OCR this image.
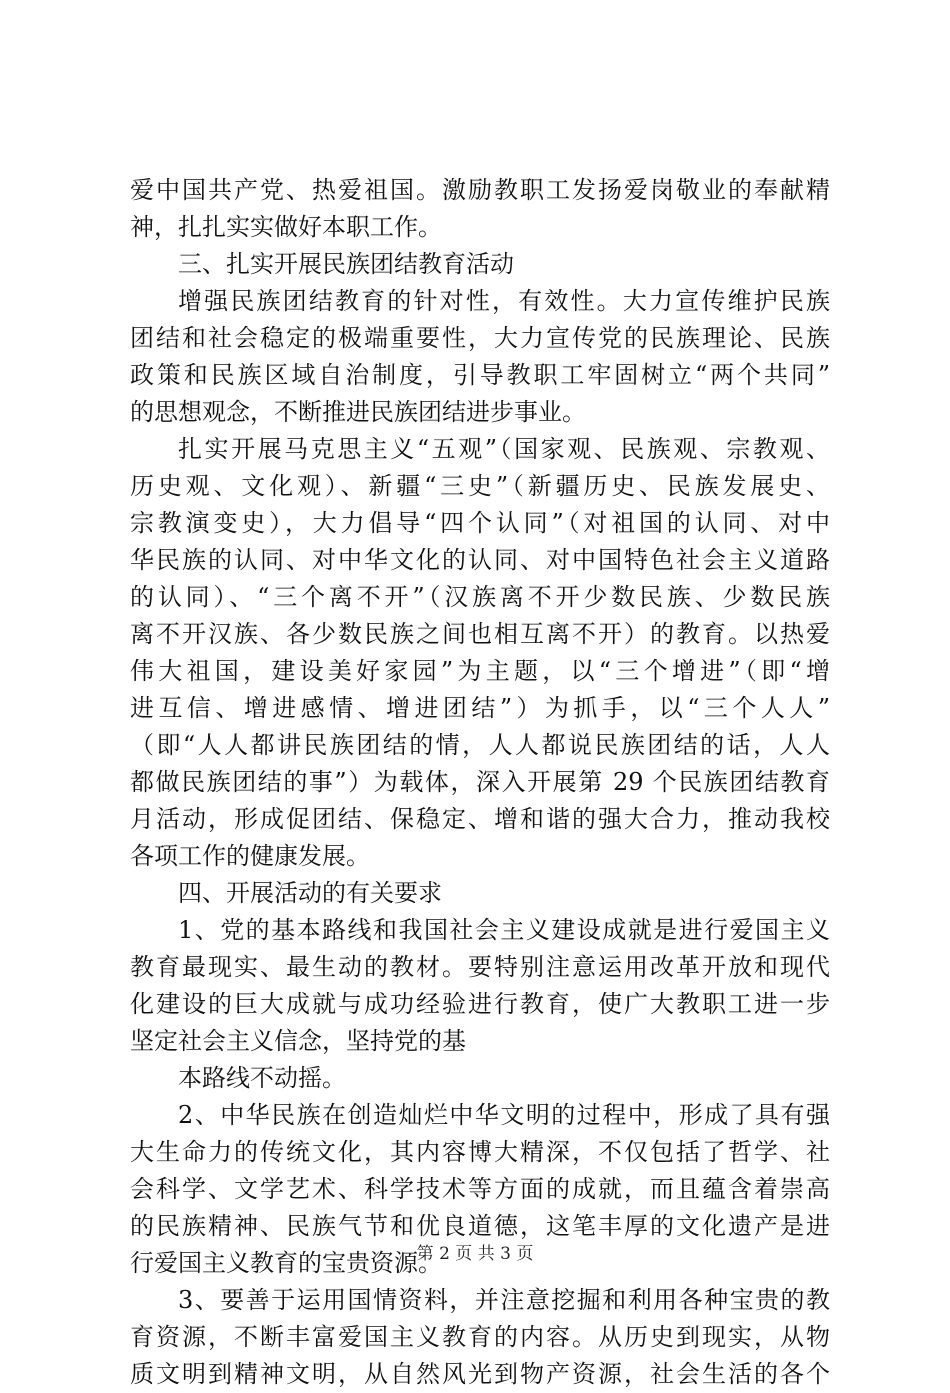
爱中国共产党、热爱祖国。激励教职工发扬爱岗敬业的奉献精
神，扎扎实实做好本职工作。
三、扎实开展民族团结教育活动
增强民族团结教育的针对性，有效性。大力宣传维护民族
团结和社会稳定的极端重要性，大力宣传党的民族理论、民族
政策和民族区域自治制度，引导教职工牢固树立“两个共同”
的思想观念，不断推进民族团结进步事业。
扎实开展马克思主义“五观”（国家观、民族观、宗教观、
历史观、文化观）、新疆“三史”（新疆历史、民族发展史、
宗教演变史），大力倡导“四个认同”（对祖国的认同、对中
华民族的认同、对中华文化的认同、对中国特色社会主义道路
的认同）、“三个离不开”（汉族离不开少数民族、少数民族
离不开汉族、各少数民族之间也相互离不开）的教育。以热爱
伟大祖国，建设美好家园”为主题，以“三个增进”（即“增
进互信、增进感情、增进团结”）为抓手，以“三个人人”
（即“人人都讲民族团结的情，人人都说民族团结的话，人人
都做民族团结的事”）为载体，深入开展第 29 个民族团结教育
月活动，形成促团结、保稳定、增和谐的强大合力，推动我校
各项工作的健康发展。
四、开展活动的有关要求
1、党的基本路线和我国社会主义建设成就是进行爱国主义
教育最现实、最生动的教材。要特别注意运用改革开放和现代
化建设的巨大成就与成功经验进行教育，使广大教职工进一步
坚定社会主义信念，坚持党的基
本路线不动摇。
2、中华民族在创造灿烂中华文明的过程中，形成了具有强
大生命力的传统文化，其内容博大精深，不仅包括了哲学、社
会科学、文学艺术、科学技术等方面的成就，而且蕴含着崇高
的民族精神、民族气节和优良道德，这笔丰厚的文化遗产是进
行爱国主义教育的宝贵资源。
3、要善于运用国情资料，并注意挖掘和利用各种宝贵的教
育资源，不断丰富爱国主义教育的内容。从历史到现实，从物
质文明到精神文明，从自然风光到物产资源，社会生活的各个
第 2 页 共 3 页
